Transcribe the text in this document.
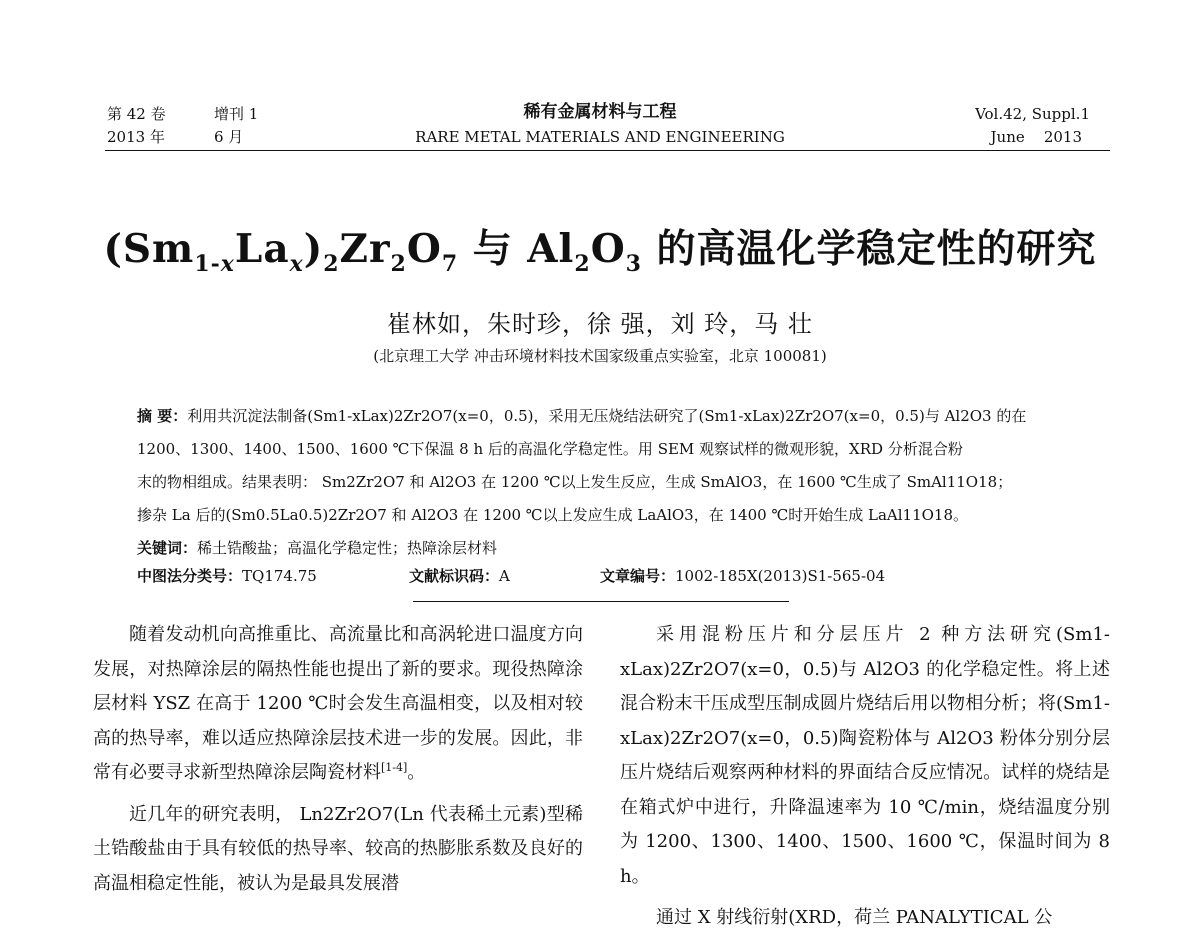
第 42 卷	增刊 1
2013 年	6 月
稀有金属材料与工程
RARE METAL MATERIALS AND ENGINEERING
Vol.42, Suppl.1
June    2013
$(Sm_{1-x}La_x)_2Zr_2O_7$ 与 $Al_2O_3$ 的高温化学稳定性的研究
崔林如，朱时珍，徐 强，刘 玲，马 壮
(北京理工大学 冲击环境材料技术国家级重点实验室，北京 100081)

摘 要：利用共沉淀法制备(Sm1-xLax)2Zr2O7(x=0，0.5)，采用无压烧结法研究了(Sm1-xLax)2Zr2O7(x=0，0.5)与 Al2O3 的在

1200、1300、1400、1500、1600 ℃下保温 8 h 后的高温化学稳定性。用 SEM 观察试样的微观形貌，XRD 分析混合粉

末的物相组成。结果表明： Sm2Zr2O7 和 Al2O3 在 1200 ℃以上发生反应，生成 SmAlO3，在 1600 ℃生成了 SmAl11O18；

掺杂 La 后的(Sm0.5La0.5)2Zr2O7 和 Al2O3 在 1200 ℃以上发应生成 LaAlO3，在 1400 ℃时开始生成 LaAl11O18。

关键词：稀土锆酸盐；高温化学稳定性；热障涂层材料

中图法分类号：TQ174.75	文献标识码：A	文章编号：1002-185X(2013)S1-565-04

随着发动机向高推重比、高流量比和高涡轮进口温度方向发展，对热障涂层的隔热性能也提出了新的要求。现役热障涂层材料 YSZ 在高于 1200 ℃时会发生高温相变，以及相对较高的热导率，难以适应热障涂层技术进一步的发展。因此，非常有必要寻求新型热障涂层陶瓷材料[1-4]。

近几年的研究表明， Ln2Zr2O7(Ln 代表稀土元素)型稀土锆酸盐由于具有较低的热导率、较高的热膨胀系数及良好的高温相稳定性能，被认为是最具发展潜

采用混粉压片和分层压片 2 种方法研究(Sm1-xLax)2Zr2O7(x=0，0.5)与 Al2O3 的化学稳定性。将上述混合粉末干压成型压制成圆片烧结后用以物相分析；将(Sm1-xLax)2Zr2O7(x=0，0.5)陶瓷粉体与 Al2O3 粉体分别分层压片烧结后观察两种材料的界面结合反应情况。试样的烧结是在箱式炉中进行，升降温速率为 10 ℃/min，烧结温度分别为 1200、1300、1400、1500、1600 ℃，保温时间为 8 h。

通过 X 射线衍射(XRD，荷兰 PANALYTICAL 公
